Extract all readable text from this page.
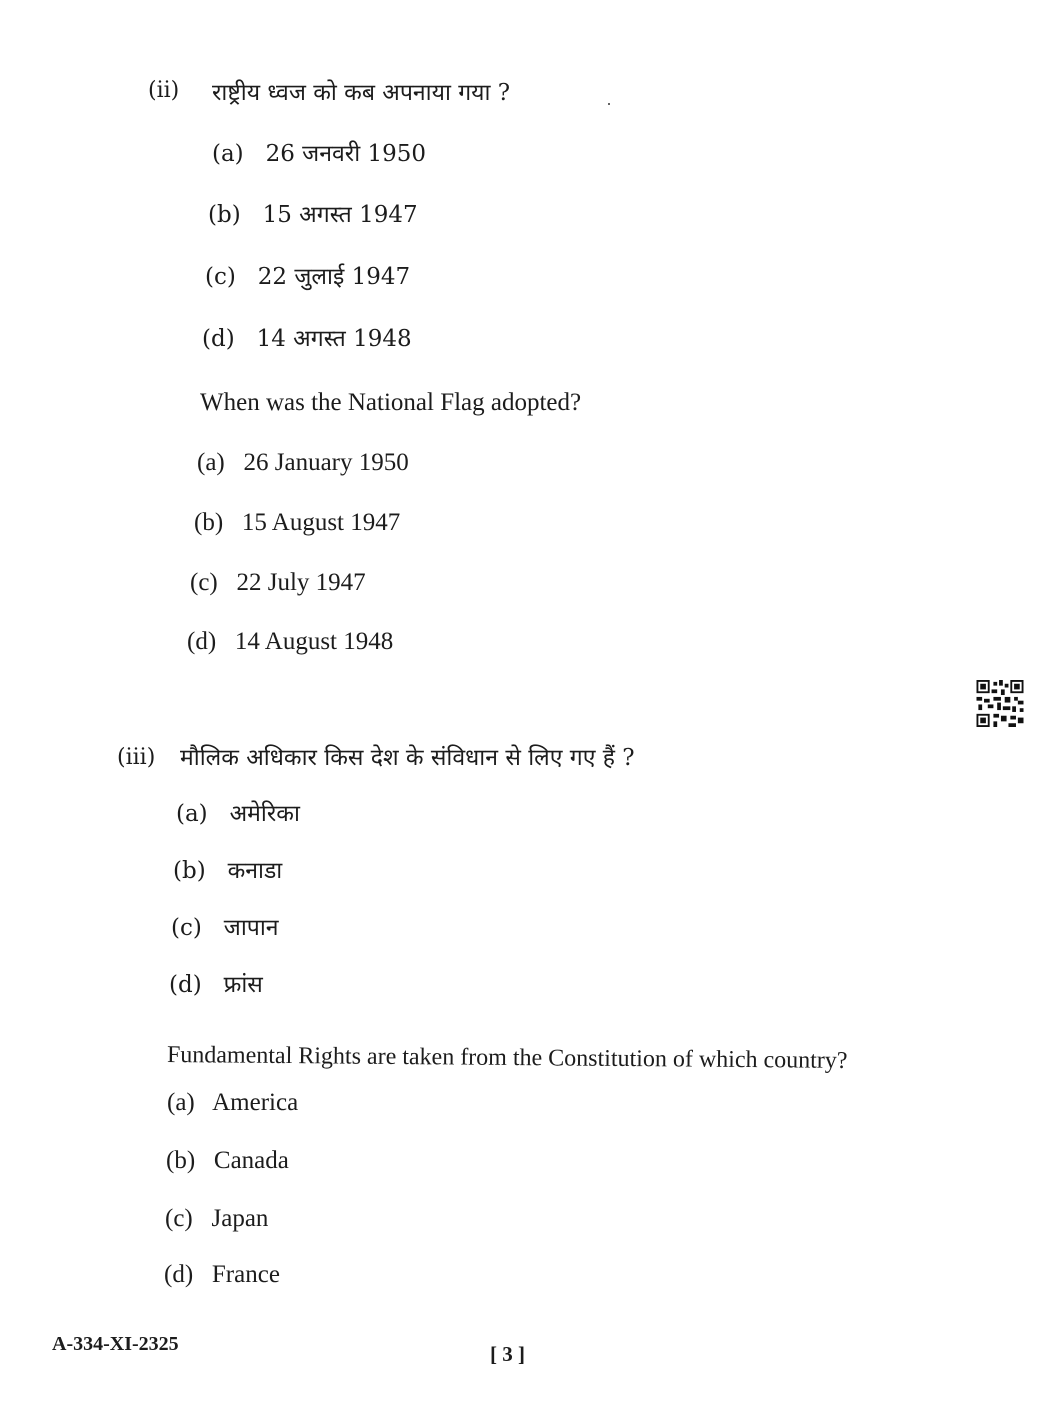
(ii) राष्ट्रीय ध्वज को कब अपनाया गया ?
(a) 26 जनवरी 1950
(b) 15 अगस्त 1947
(c) 22 जुलाई 1947
(d) 14 अगस्त 1948
When was the National Flag adopted?
(a) 26 January 1950
(b) 15 August 1947
(c) 22 July 1947
(d) 14 August 1948
(iii) मौलिक अधिकार किस देश के संविधान से लिए गए हैं ?
(a) अमेरिका
(b) कनाडा
(c) जापान
(d) फ्रांस
Fundamental Rights are taken from the Constitution of which country?
(a) America
(b) Canada
(c) Japan
(d) France
A-334-XI-2325	[ 3 ]
